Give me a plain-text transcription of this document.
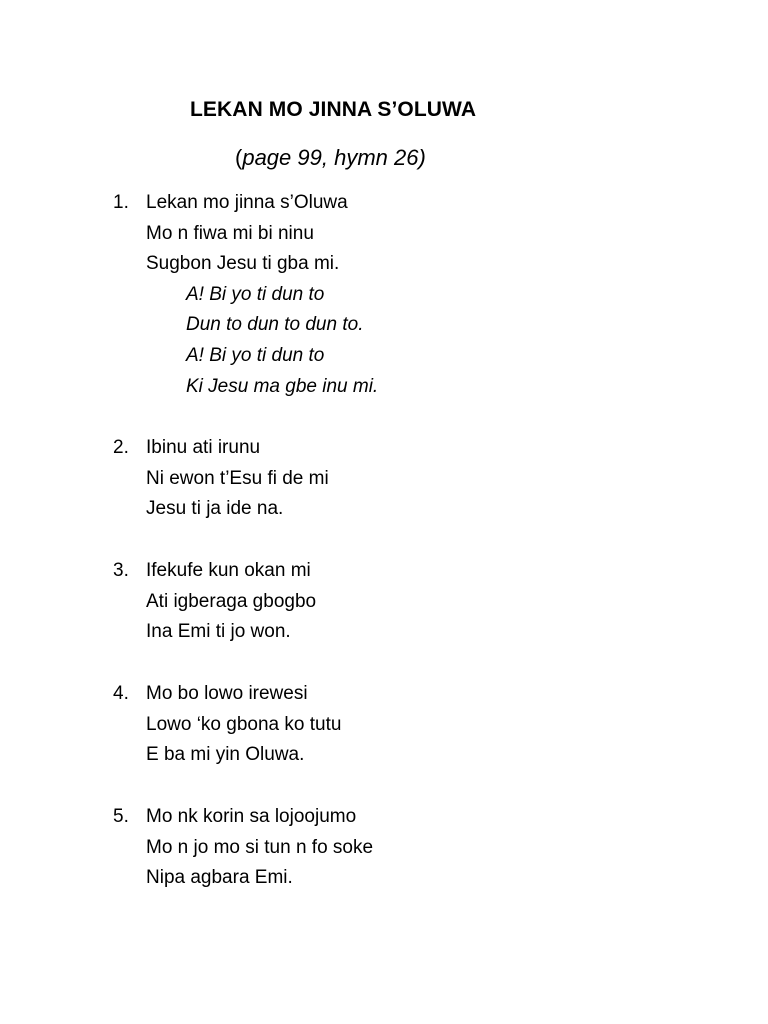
LEKAN MO JINNA S’OLUWA
(page 99, hymn 26)
1. Lekan mo jinna s’Oluwa
Mo n fiwa mi bi ninu
Sugbon Jesu ti gba mi.
A! Bi yo ti dun to
Dun to dun to dun to.
A! Bi yo ti dun to
Ki Jesu ma gbe inu mi.
2. Ibinu ati irunu
Ni ewon t’Esu fi de mi
Jesu ti ja ide na.
3. Ifekufe kun okan mi
Ati igberaga gbogbo
Ina Emi ti jo won.
4. Mo bo lowo irewesi
Lowo ‘ko gbona ko tutu
E ba mi yin Oluwa.
5. Mo nk korin sa lojoojumo
Mo n jo mo si tun n fo soke
Nipa agbara Emi.
